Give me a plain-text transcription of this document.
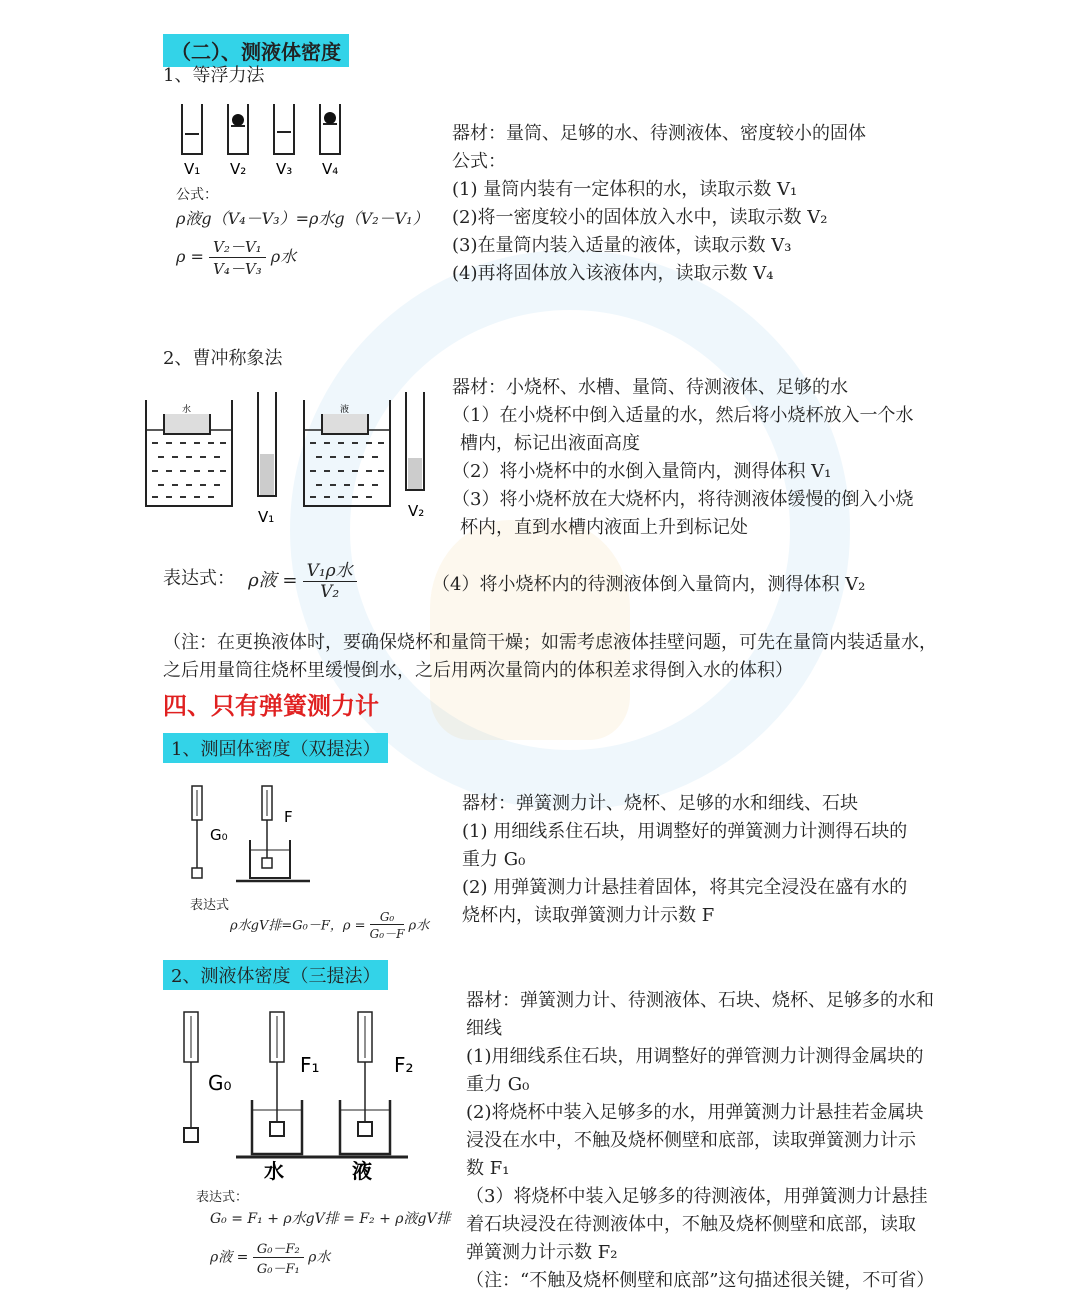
（二）、测液体密度
1、等浮力法
V₁ V₂ V₃ V₄
公式：
ρ液g（V₄－V₃）=ρ水g（V₂－V₁）
$\rho = \frac{\text{V₂－V₁}}{\text{V₄－V₃}}$ ρ水
器材：量筒、足够的水、待测液体、密度较小的固体
公式：
(1) 量筒内装有一定体积的水，读取示数 V₁
(2)将一密度较小的固体放入水中，读取示数 V₂
(3)在量筒内装入适量的液体，读取示数 V₃
(4)再将固体放入该液体内，读取示数 V₄
2、曹冲称象法
水
V₁
液
V₂
器材：小烧杯、水槽、量筒、待测液体、足够的水
（1）在小烧杯中倒入适量的水，然后将小烧杯放入一个水
槽内，标记出液面高度
（2）将小烧杯中的水倒入量筒内，测得体积 V₁
（3）将小烧杯放在大烧杯内，将待测液体缓慢的倒入小烧
杯内，直到水槽内液面上升到标记处
表达式： ρ液 = $\frac{\text{V₁ρ水}}{\text{V₂}}$	（4）将小烧杯内的待测液体倒入量筒内，测得体积 V₂
（注：在更换液体时，要确保烧杯和量筒干燥；如需考虑液体挂壁问题，可先在量筒内装适量水，
之后用量筒往烧杯里缓慢倒水，之后用两次量筒内的体积差求得倒入水的体积）
四、只有弹簧测力计
1、测固体密度（双提法）
G₀
F
表达式
ρ水gV排=G₀－F，$\rho = \frac{\text{G₀}}{\text{G₀－F}}$ ρ水
器材：弹簧测力计、烧杯、足够的水和细线、石块
(1) 用细线系住石块，用调整好的弹簧测力计测得石块的
重力 G₀
(2) 用弹簧测力计悬挂着固体，将其完全浸没在盛有水的
烧杯内，读取弹簧测力计示数 F
2、测液体密度（三提法）
G₀
F₁	F₂
水	液
表达式：
G₀ = F₁ + ρ水gV排 = F₂ + ρ液gV排
ρ液 = $\frac{\text{G₀－F₂}}{\text{G₀－F₁}}$ ρ水
器材：弹簧测力计、待测液体、石块、烧杯、足够多的水和
细线
(1)用细线系住石块，用调整好的弹管测力计测得金属块的
重力 G₀
(2)将烧杯中装入足够多的水，用弹簧测力计悬挂若金属块
浸没在水中，不触及烧杯侧壁和底部，读取弹簧测力计示
数 F₁
（3）将烧杯中装入足够多的待测液体，用弹簧测力计悬挂
着石块浸没在待测液体中，不触及烧杯侧壁和底部，读取
弹簧测力计示数 F₂
（注：“不触及烧杯侧壁和底部”这句描述很关键，不可省）
